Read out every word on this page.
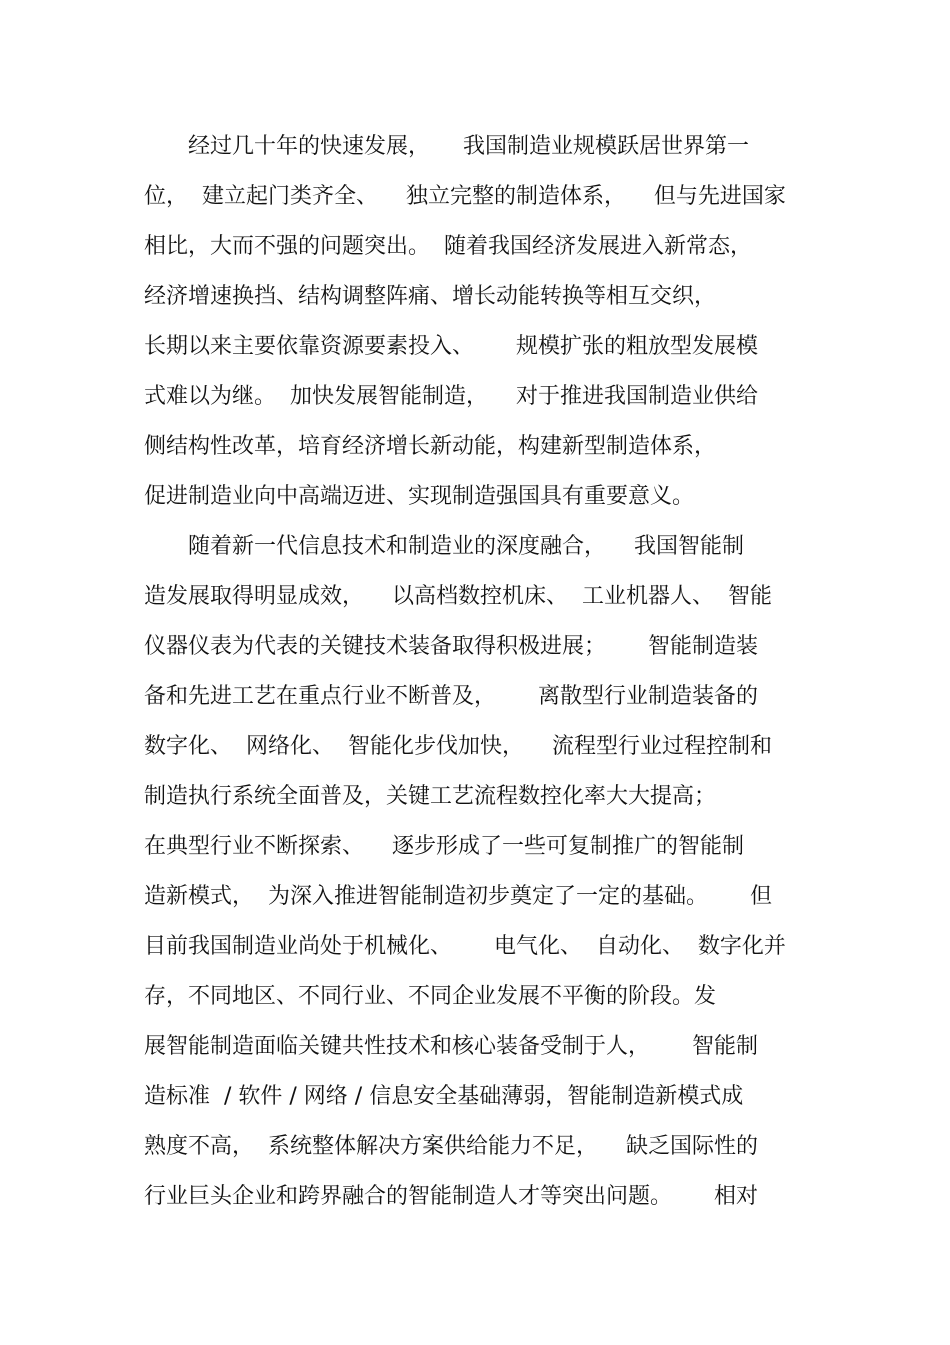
　　经过几十年的快速发展，　　我国制造业规模跃居世界第一
位，  建立起门类齐全、    独立完整的制造体系，    但与先进国家
相比，大而不强的问题突出。  随着我国经济发展进入新常态，
经济增速换挡、结构调整阵痛、增长动能转换等相互交织，
长期以来主要依靠资源要素投入、      规模扩张的粗放型发展模
式难以为继。  加快发展智能制造，    对于推进我国制造业供给
侧结构性改革，培育经济增长新动能，构建新型制造体系，
促进制造业向中高端迈进、实现制造强国具有重要意义。
　　随着新一代信息技术和制造业的深度融合，    我国智能制
造发展取得明显成效，    以高档数控机床、  工业机器人、  智能
仪器仪表为代表的关键技术装备取得积极进展；      智能制造装
备和先进工艺在重点行业不断普及，      离散型行业制造装备的
数字化、  网络化、  智能化步伐加快，    流程型行业过程控制和
制造执行系统全面普及，关键工艺流程数控化率大大提高；
在典型行业不断探索、    逐步形成了一些可复制推广的智能制
造新模式，  为深入推进智能制造初步奠定了一定的基础。      但
目前我国制造业尚处于机械化、      电气化、  自动化、  数字化并
存，不同地区、不同行业、不同企业发展不平衡的阶段。发
展智能制造面临关键共性技术和核心装备受制于人，      智能制
造标准  / 软件 / 网络 / 信息安全基础薄弱，智能制造新模式成
熟度不高，  系统整体解决方案供给能力不足，    缺乏国际性的
行业巨头企业和跨界融合的智能制造人才等突出问题。      相对
